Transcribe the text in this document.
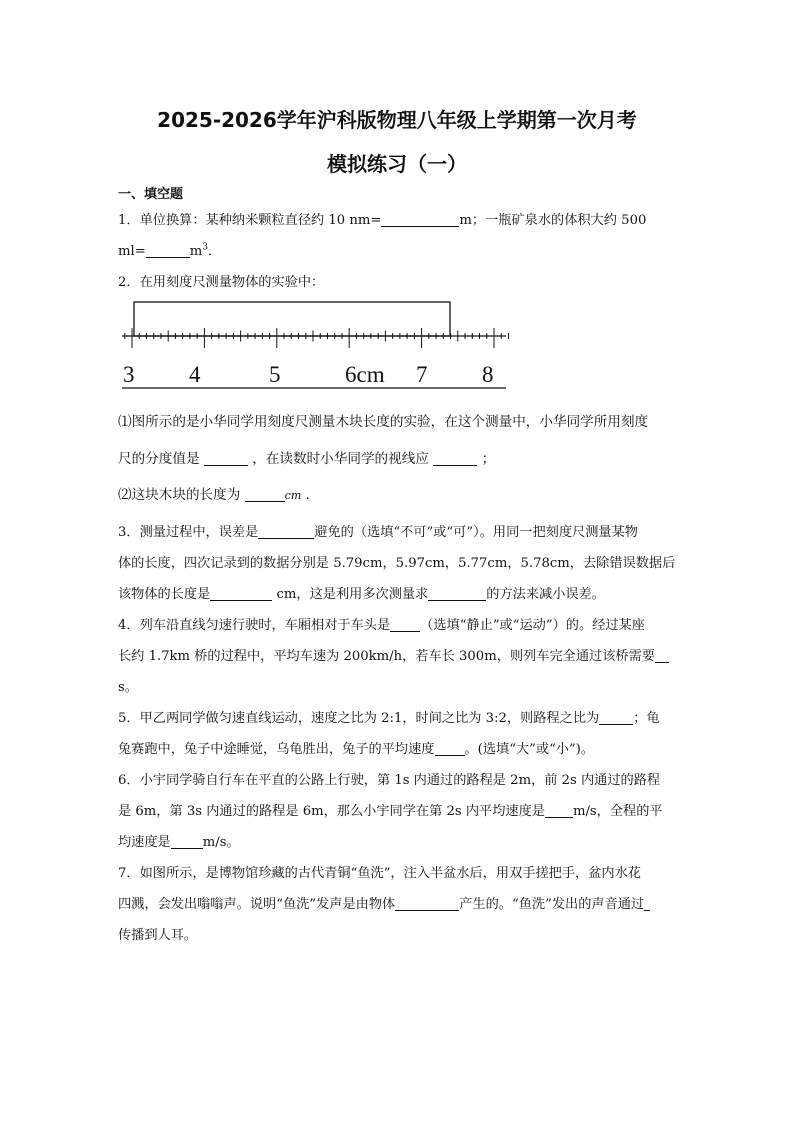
2025-2026学年沪科版物理八年级上学期第一次月考
模拟练习（一）
一、填空题
1．单位换算：某种纳米颗粒直径约 10 nm=	m；一瓶矿泉水的体积大约 500
ml=	$m^3$．
2．在用刻度尺测量物体的实验中：
3 4	5	6cm 7 8
⑴图所示的是小华同学用刻度尺测量木块长度的实验，在这个测量中，小华同学所用刻度
尺的分度值是	，在读数时小华同学的视线应	；
⑵这块木块的长度为	cm ．
3．测量过程中，误差是	避免的（选填“不可”或“可”）。用同一把刻度尺测量某物
体的长度，四次记录到的数据分别是 5.79cm，5.97cm，5.77cm，5.78cm，去除错误数据后
该物体的长度是	cm，这是利用多次测量求	的方法来减小误差。
4．列车沿直线匀速行驶时，车厢相对于车头是 （选填“静止”或“运动”）的。经过某座
长约 1.7km 桥的过程中，平均车速为 200km/h，若车长 300m，则列车完全通过该桥需要
s。
5．甲乙两同学做匀速直线运动，速度之比为 2:1，时间之比为 3:2，则路程之比为	；龟
兔赛跑中，兔子中途睡觉，乌龟胜出，兔子的平均速度 。(选填“大”或“小”)。
6．小宇同学骑自行车在平直的公路上行驶，第 1s 内通过的路程是 2m，前 2s 内通过的路程
是 6m，第 3s 内通过的路程是 6m，那么小宇同学在第 2s 内平均速度是 m/s，全程的平
均速度是 m/s。
7．如图所示，是博物馆珍藏的古代青铜“鱼洗”，注入半盆水后，用双手搓把手，盆内水花
四溅，会发出嗡嗡声。说明“鱼洗”发声是由物体	产生的。“鱼洗”发出的声音通过
传播到人耳。
